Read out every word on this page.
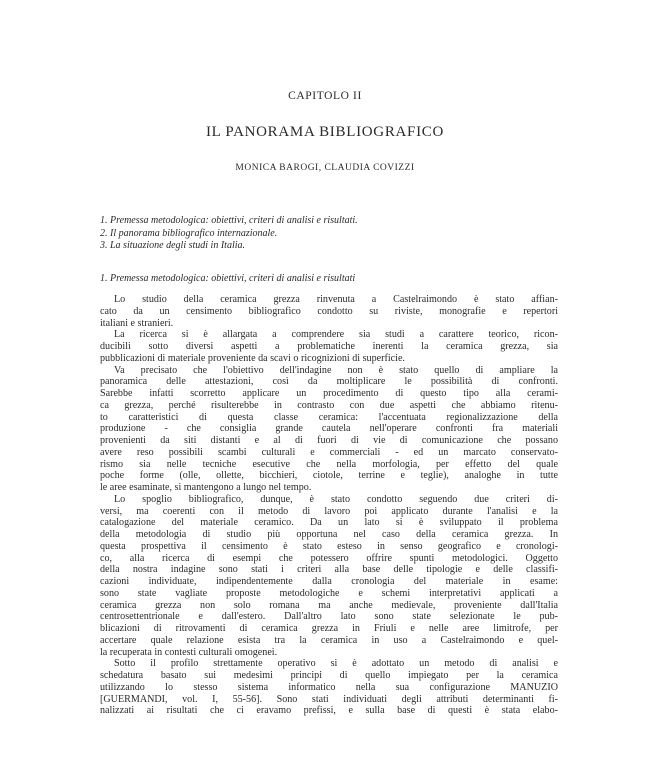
CAPITOLO II
IL PANORAMA BIBLIOGRAFICO
MONICA BAROGI, CLAUDIA COVIZZI
1. Premessa metodologica: obiettivi, criteri di analisi e risultati.
2. Il panorama bibliografico internazionale.
3. La situazione degli studi in Italia.
1. Premessa metodologica: obiettivi, criteri di analisi e risultati
Lo studio della ceramica grezza rinvenuta a Castelraimondo è stato affian-
cato da un censimento bibliografico condotto su riviste, monografie e repertori
italiani e stranieri.
La ricerca si è allargata a comprendere sia studi a carattere teorico, ricon-
ducibili sotto diversi aspetti a problematiche inerenti la ceramica grezza, sia
pubblicazioni di materiale proveniente da scavi o ricognizioni di superficie.
Va precisato che l'obiettivo dell'indagine non è stato quello di ampliare la
panoramica delle attestazioni, così da moltiplicare le possibilità di confronti.
Sarebbe infatti scorretto applicare un procedimento di questo tipo alla cerami-
ca grezza, perché risulterebbe in contrasto con due aspetti che abbiamo ritenu-
to caratteristici di questa classe ceramica: l'accentuata regionalizzazione della
produzione - che consiglia grande cautela nell'operare confronti fra materiali
provenienti da siti distanti e al di fuori di vie di comunicazione che possano
avere reso possibili scambi culturali e commerciali - ed un marcato conservato-
rismo sia nelle tecniche esecutive che nella morfologia, per effetto del quale
poche forme (olle, ollette, bicchieri, ciotole, terrine e teglie), analoghe in tutte
le aree esaminate, si mantengono a lungo nel tempo.
Lo spoglio bibliografico, dunque, è stato condotto seguendo due criteri di-
versi, ma coerenti con il metodo di lavoro poi applicato durante l'analisi e la
catalogazione del materiale ceramico. Da un lato si è sviluppato il problema
della metodologia di studio più opportuna nel caso della ceramica grezza. In
questa prospettiva il censimento è stato esteso in senso geografico e cronologi-
co, alla ricerca di esempi che potessero offrire spunti metodologici. Oggetto
della nostra indagine sono stati i criteri alla base delle tipologie e delle classifi-
cazioni individuate, indipendentemente dalla cronologia del materiale in esame:
sono state vagliate proposte metodologiche e schemi interpretativi applicati a
ceramica grezza non solo romana ma anche medievale, proveniente dall'Italia
centrosettentrionale e dall'estero. Dall'altro lato sono state selezionate le pub-
blicazioni di ritrovamenti di ceramica grezza in Friuli e nelle aree limitrofe, per
accertare quale relazione esista tra la ceramica in uso a Castelraimondo e quel-
la recuperata in contesti culturali omogenei.
Sotto il profilo strettamente operativo si è adottato un metodo di analisi e
schedatura basato sui medesimi principi di quello impiegato per la ceramica
utilizzando lo stesso sistema informatico nella sua configurazione MANUZIO
[GUERMANDI, vol. I, 55-56]. Sono stati individuati degli attributi determinanti fi-
nalizzati ai risultati che ci eravamo prefissi, e sulla base di questi è stata elabo-
